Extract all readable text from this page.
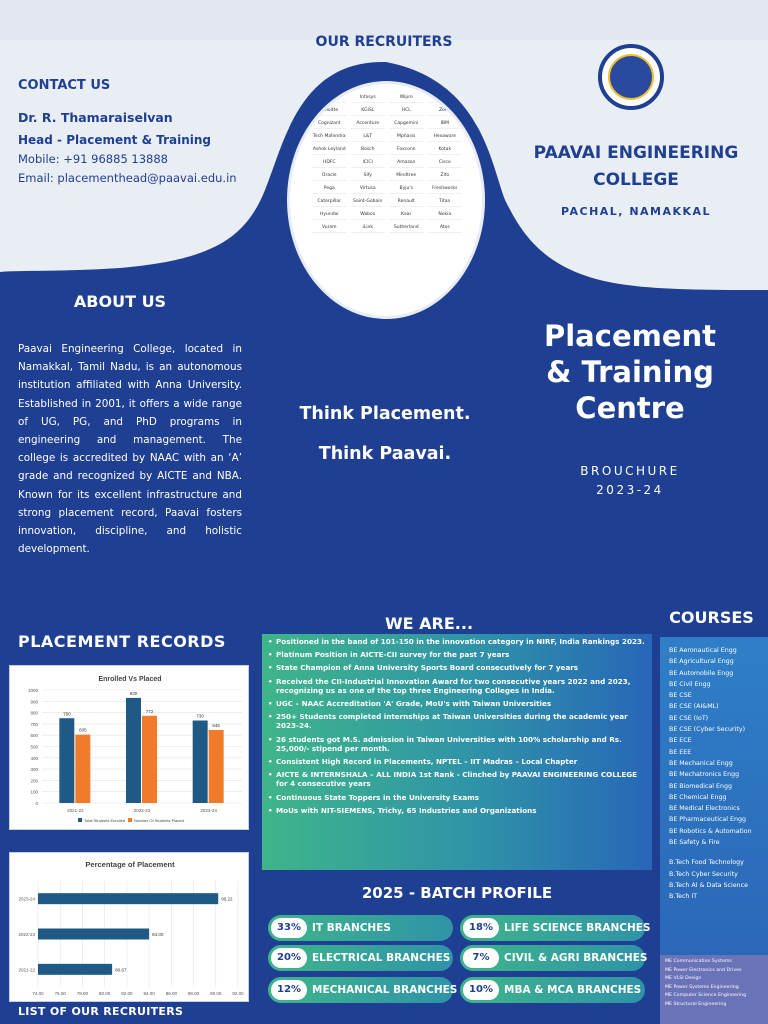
OUR RECRUITERS
UST	Infosys	Wipro	TCS
Deloitte	KGiSL	HCL	Zoho
Cognizant	Accenture	Capgemini	IBM
Tech Mahindra	L&T	Mphasis	Hexaware
Ashok Leyland	Bosch	Foxconn	Kotak
HDFC	ICICI	Amazon	Cisco
Oracle	Sify	Mindtree	Zifo
Pega	Virtusa	Byju's	Freshworks
Caterpillar	Saint-Gobain	Renault	Titan
Hyundai	Wabco	Kaar	Nokia
Vuram	iLink	Sutherland	Atos
CONTACT US
Dr. R. Thamaraiselvan
Head - Placement & Training
Mobile: +91 96885 13888
Email: placementhead@paavai.edu.in
PAAVAI ENGINEERING
COLLEGE
PACHAL, NAMAKKAL
ABOUT US
Paavai Engineering College, located in Namakkal, Tamil Nadu, is an autonomous institution affiliated with Anna University. Established in 2001, it offers a wide range of UG, PG, and PhD programs in engineering and management. The college is accredited by NAAC with an ‘A’ grade and recognized by AICTE and NBA. Known for its excellent infrastructure and strong placement record, Paavai fosters innovation, discipline, and holistic development.
Think Placement.
Think Paavai.
Placement
& Training
Centre
BROUCHURE
2023-24
PLACEMENT RECORDS
Enrolled Vs Placed
0
100
200
300
400
500
600
700
800
900
1000
750
605
2021-22
930
772
2022-23
730
646
2023-24
Total Students Enrolled Number Of Students Placed
Percentage of Placement
74.00 76.00 78.00 80.00 82.00 84.00 86.00 88.00 90.00 92.00
90.22
2023-24
84.00
2022-23
80.67
2021-22
LIST OF OUR RECRUITERS
WE ARE...
• Positioned in the band of 101-150 in the innovation category in NIRF, India Rankings 2023.
• Platinum Position in AICTE-CII survey for the past 7 years
• State Champion of Anna University Sports Board consecutively for 7 years
• Received the CII-Industrial Innovation Award for two consecutive years 2022 and 2023, recognizing us as one of the top three Engineering Colleges in India.
• UGC – NAAC Accreditation 'A' Grade, MoU's with Taiwan Universities
• 250+ Students completed internships at Taiwan Universities during the academic year 2023-24.
• 26 students got M.S. admission in Taiwan Universities with 100% scholarship and Rs. 25,000/- stipend per month.
• Consistent High Record in Placements, NPTEL – IIT Madras – Local Chapter
• AICTE & INTERNSHALA – ALL INDIA 1st Rank - Clinched by PAAVAI ENGINEERING COLLEGE for 4 consecutive years
• Continuous State Toppers in the University Exams
• MoUs with NIT-SIEMENS, Trichy, 65 Industries and Organizations
2025 - BATCH PROFILE
33%	IT BRANCHES	18%	LIFE SCIENCE BRANCHES
20%	ELECTRICAL BRANCHES	7%	CIVIL & AGRI BRANCHES
12%	MECHANICAL BRANCHES	10%	MBA & MCA BRANCHES
COURSES
BE Aeronautical Engg
BE Agricultural Engg
BE Automobile Engg
BE Civil Engg
BE CSE
BE CSE (AI&ML)
BE CSE (IoT)
BE CSE (Cyber Security)
BE ECE
BE EEE
BE Mechanical Engg
BE Mechatronics Engg
BE Biomedical Engg
BE Chemical Engg
BE Medical Electronics
BE Pharmaceutical Engg
BE Robotics & Automation
BE Safety & Fire
B.Tech Food Technology
B.Tech Cyber Security
B.Tech AI & Data Science
B.Tech IT
ME Communication Systems
ME Power Electronics and Drives
ME VLSI Design
ME Power Systems Engineering
ME Computer Science Engineering
ME Structural Engineering
